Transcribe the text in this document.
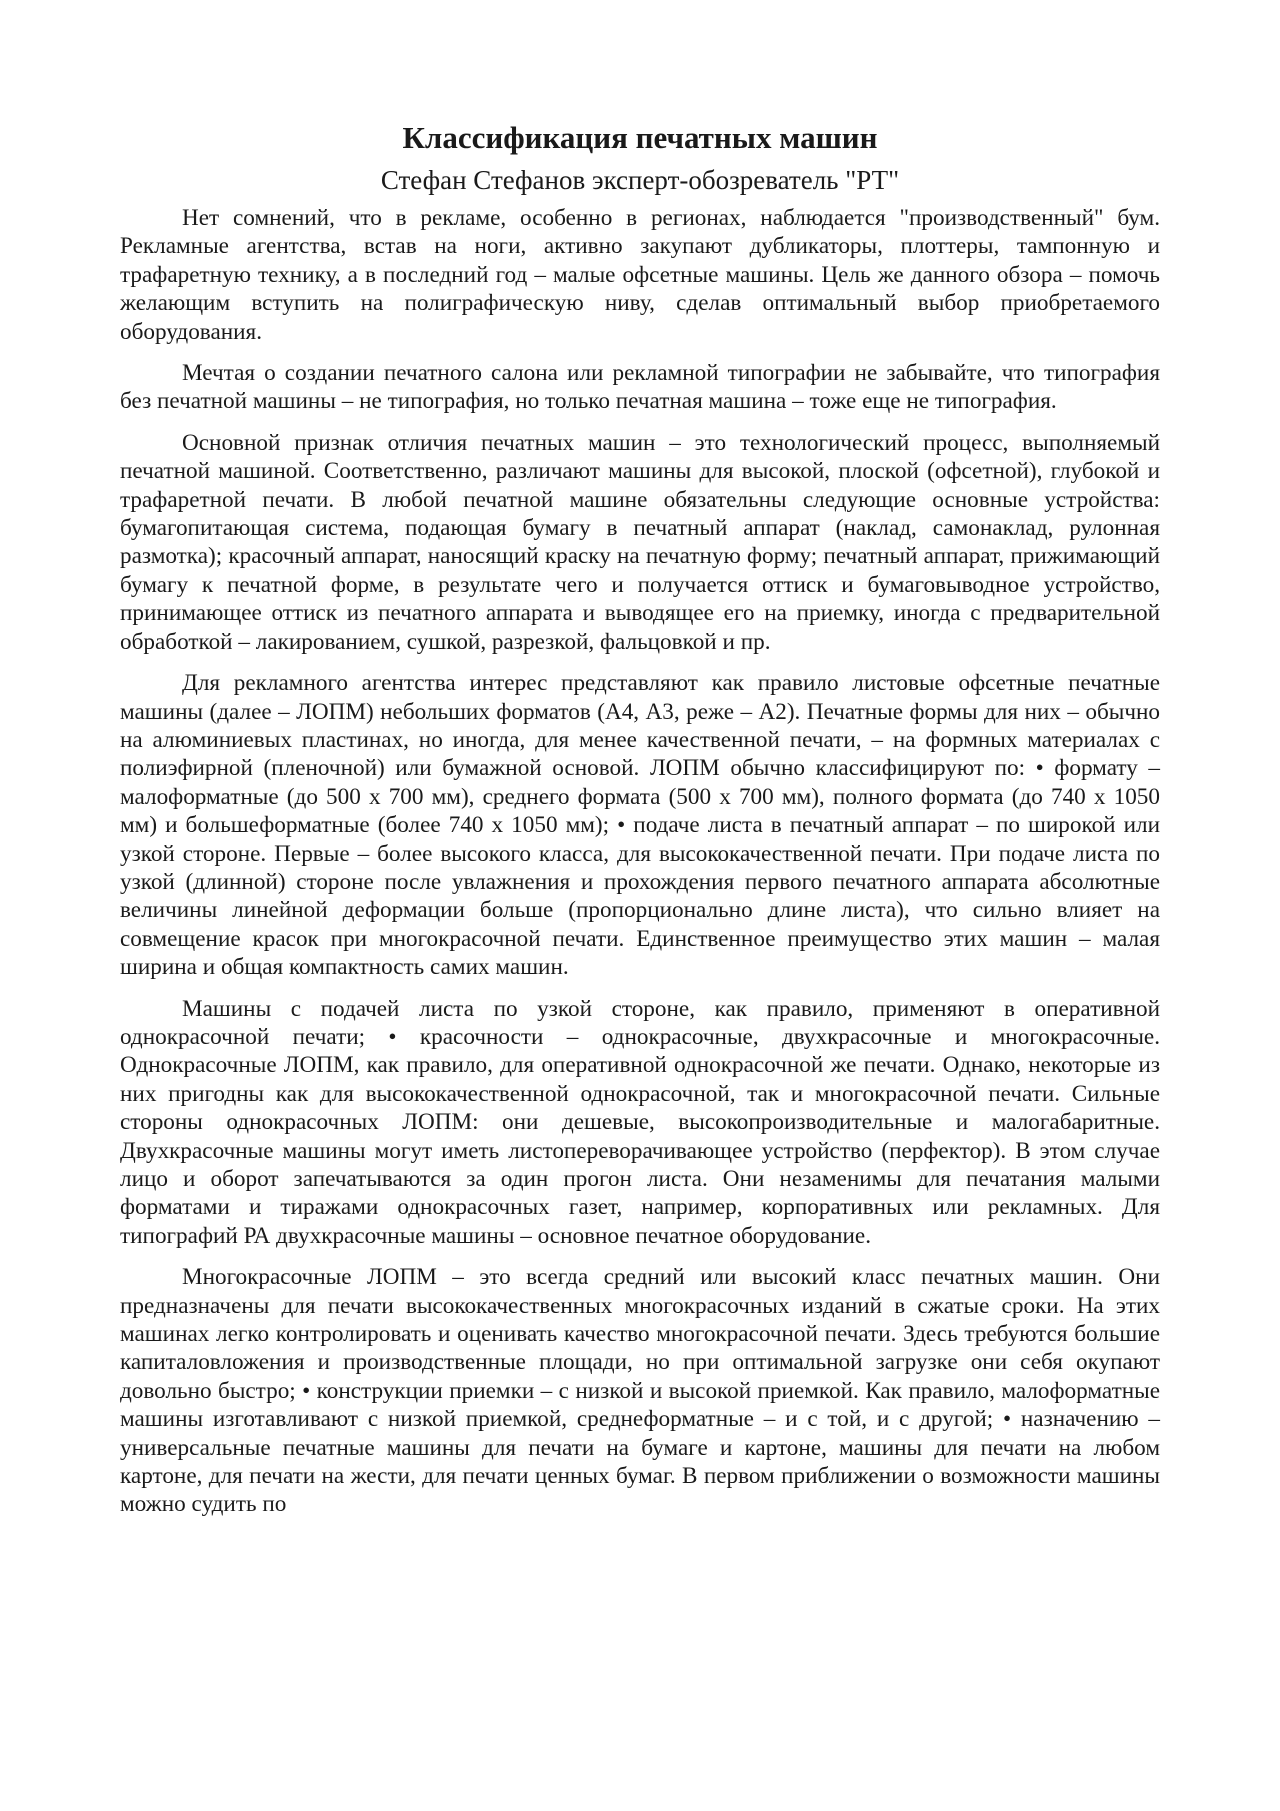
Классификация печатных машин
Стефан Стефанов эксперт-обозреватель "РТ"

Нет сомнений, что в рекламе, особенно в регионах, наблюдается "производственный" бум. Рекламные агентства, встав на ноги, активно закупают дубликаторы, плоттеры, тампонную и трафаретную технику, а в последний год – малые офсетные машины. Цель же данного обзора – помочь желающим вступить на полиграфическую ниву, сделав оптимальный выбор приобретаемого оборудования.

Мечтая о создании печатного салона или рекламной типографии не забывайте, что типография без печатной машины – не типография, но только печатная машина – тоже еще не типография.

Основной признак отличия печатных машин – это технологический процесс, выполняемый печатной машиной. Соответственно, различают машины для высокой, плоской (офсетной), глубокой и трафаретной печати. В любой печатной машине обязательны следующие основные устройства: бумагопитающая система, подающая бумагу в печатный аппарат (наклад, самонаклад, рулонная размотка); красочный аппарат, наносящий краску на печатную форму; печатный аппарат, прижимающий бумагу к печатной форме, в результате чего и получается оттиск и бумаговыводное устройство, принимающее оттиск из печатного аппарата и выводящее его на приемку, иногда с предварительной обработкой – лакированием, сушкой, разрезкой, фальцовкой и пр.

Для рекламного агентства интерес представляют как правило листовые офсетные печатные машины (далее – ЛОПМ) небольших форматов (А4, А3, реже – А2). Печатные формы для них – обычно на алюминиевых пластинах, но иногда, для менее качественной печати, – на формных материалах с полиэфирной (пленочной) или бумажной основой. ЛОПМ обычно классифицируют по: • формату – малоформатные (до 500 х 700 мм), среднего формата (500 х 700 мм), полного формата (до 740 х 1050 мм) и большеформатные (более 740 х 1050 мм); • подаче листа в печатный аппарат – по широкой или узкой стороне. Первые – более высокого класса, для высококачественной печати. При подаче листа по узкой (длинной) стороне после увлажнения и прохождения первого печатного аппарата абсолютные величины линейной деформации больше (пропорционально длине листа), что сильно влияет на совмещение красок при многокрасочной печати. Единственное преимущество этих машин – малая ширина и общая компактность самих машин.

Машины с подачей листа по узкой стороне, как правило, применяют в оперативной однокрасочной печати; • красочности – однокрасочные, двухкрасочные и многокрасочные. Однокрасочные ЛОПМ, как правило, для оперативной однокрасочной же печати. Однако, некоторые из них пригодны как для высококачественной однокрасочной, так и многокрасочной печати. Сильные стороны однокрасочных ЛОПМ: они дешевые, высокопроизводительные и малогабаритные. Двухкрасочные машины могут иметь листопереворачивающее устройство (перфектор). В этом случае лицо и оборот запечатываются за один прогон листа. Они незаменимы для печатания малыми форматами и тиражами однокрасочных газет, например, корпоративных или рекламных. Для типографий РА двухкрасочные машины – основное печатное оборудование.

Многокрасочные ЛОПМ – это всегда средний или высокий класс печатных машин. Они предназначены для печати высококачественных многокрасочных изданий в сжатые сроки. На этих машинах легко контролировать и оценивать качество многокрасочной печати. Здесь требуются большие капиталовложения и производственные площади, но при оптимальной загрузке они себя окупают довольно быстро; • конструкции приемки – с низкой и высокой приемкой. Как правило, малоформатные машины изготавливают с низкой приемкой, среднеформатные – и с той, и с другой; • назначению – универсальные печатные машины для печати на бумаге и картоне, машины для печати на любом картоне, для печати на жести, для печати ценных бумаг. В первом приближении о возможности машины можно судить по
